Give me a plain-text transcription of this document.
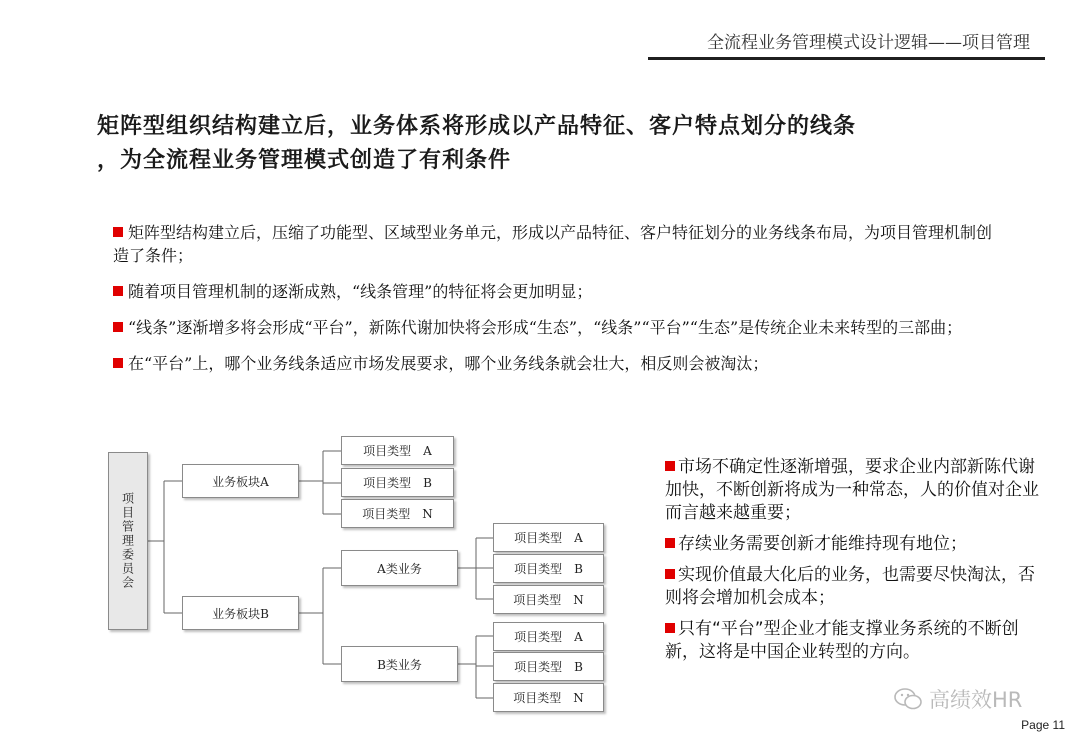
全流程业务管理模式设计逻辑——项目管理
矩阵型组织结构建立后，业务体系将形成以产品特征、客户特点划分的线条
，为全流程业务管理模式创造了有利条件
矩阵型结构建立后，压缩了功能型、区域型业务单元，形成以产品特征、客户特征划分的业务线条布局，为项目管理机制创造了条件；
随着项目管理机制的逐渐成熟，“线条管理”的特征将会更加明显；
“线条”逐渐增多将会形成“平台”，新陈代谢加快将会形成“生态”，“线条”“平台”“生态”是传统企业未来转型的三部曲；
在“平台”上，哪个业务线条适应市场发展要求，哪个业务线条就会壮大，相反则会被淘汰；
项目管理委员会
业务板块A
业务板块B
项目类型　A
项目类型　B
项目类型　N
A类业务
B类业务
项目类型　A
项目类型　B
项目类型　N
项目类型　A
项目类型　B
项目类型　N
市场不确定性逐渐增强，要求企业内部新陈代谢加快，不断创新将成为一种常态，人的价值对企业而言越来越重要；
存续业务需要创新才能维持现有地位；
实现价值最大化后的业务，也需要尽快淘汰，否则将会增加机会成本；
只有“平台”型企业才能支撑业务系统的不断创新，这将是中国企业转型的方向。
高绩效HR
Page 11
